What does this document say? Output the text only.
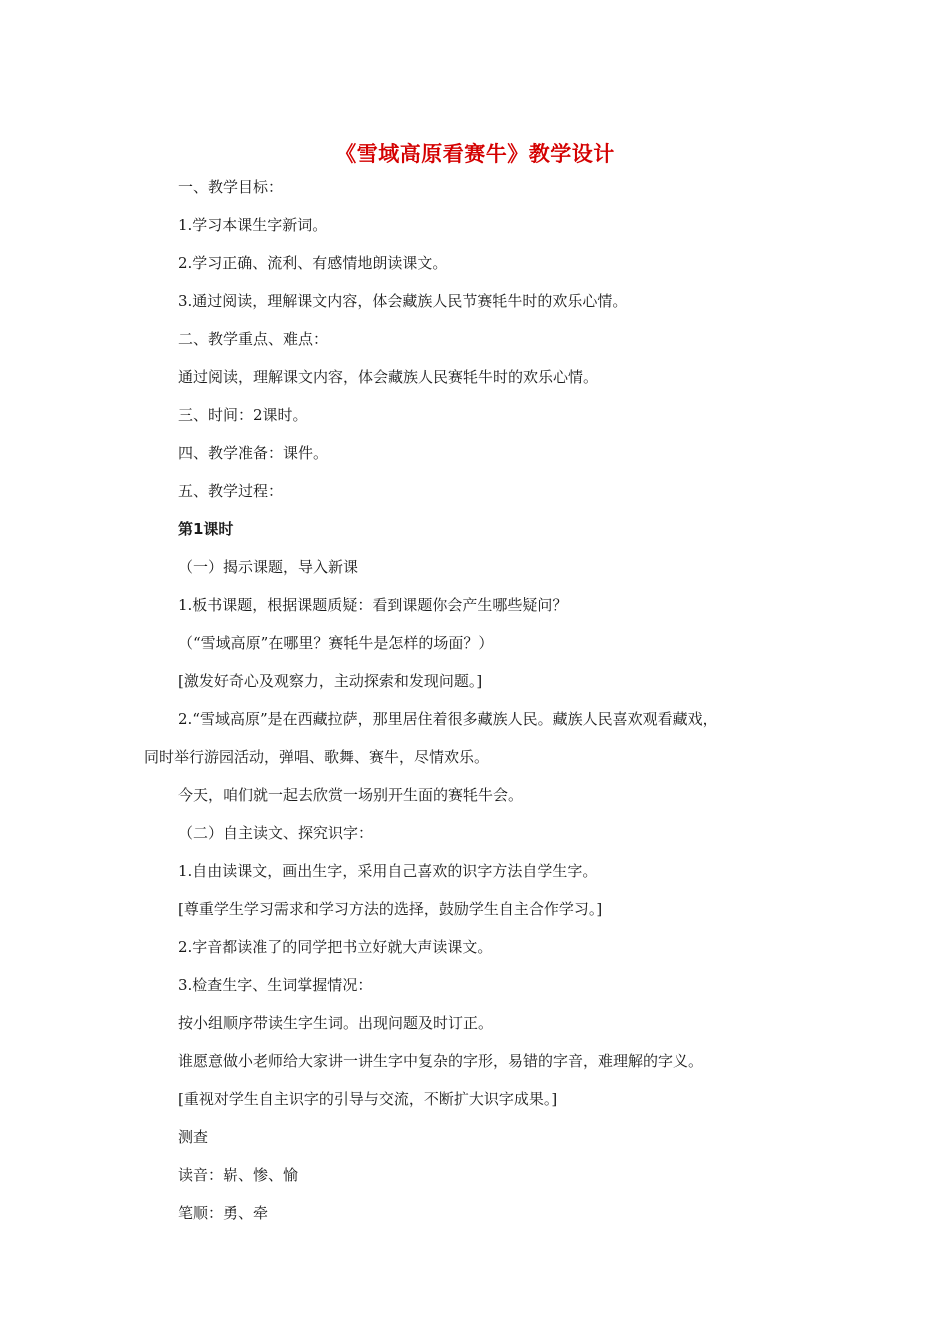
《雪域高原看赛牛》教学设计
一、教学目标：
1.学习本课生字新词。
2.学习正确、流利、有感情地朗读课文。
3.通过阅读，理解课文内容，体会藏族人民节赛牦牛时的欢乐心情。
二、教学重点、难点：
通过阅读，理解课文内容，体会藏族人民赛牦牛时的欢乐心情。
三、时间：2课时。
四、教学准备：课件。
五、教学过程：
第1课时
（一）揭示课题，导入新课
1.板书课题，根据课题质疑：看到课题你会产生哪些疑问？
（“雪域高原”在哪里？赛牦牛是怎样的场面？）
[激发好奇心及观察力，主动探索和发现问题。]
2.“雪域高原”是在西藏拉萨，那里居住着很多藏族人民。藏族人民喜欢观看藏戏，
同时举行游园活动，弹唱、歌舞、赛牛，尽情欢乐。
今天，咱们就一起去欣赏一场别开生面的赛牦牛会。
（二）自主读文、探究识字：
1.自由读课文，画出生字，采用自己喜欢的识字方法自学生字。
[尊重学生学习需求和学习方法的选择，鼓励学生自主合作学习。]
2.字音都读准了的同学把书立好就大声读课文。
3.检查生字、生词掌握情况：
按小组顺序带读生字生词。出现问题及时订正。
谁愿意做小老师给大家讲一讲生字中复杂的字形，易错的字音，难理解的字义。
[重视对学生自主识字的引导与交流，不断扩大识字成果。]
测查
读音：崭、惨、愉
笔顺：勇、牵
